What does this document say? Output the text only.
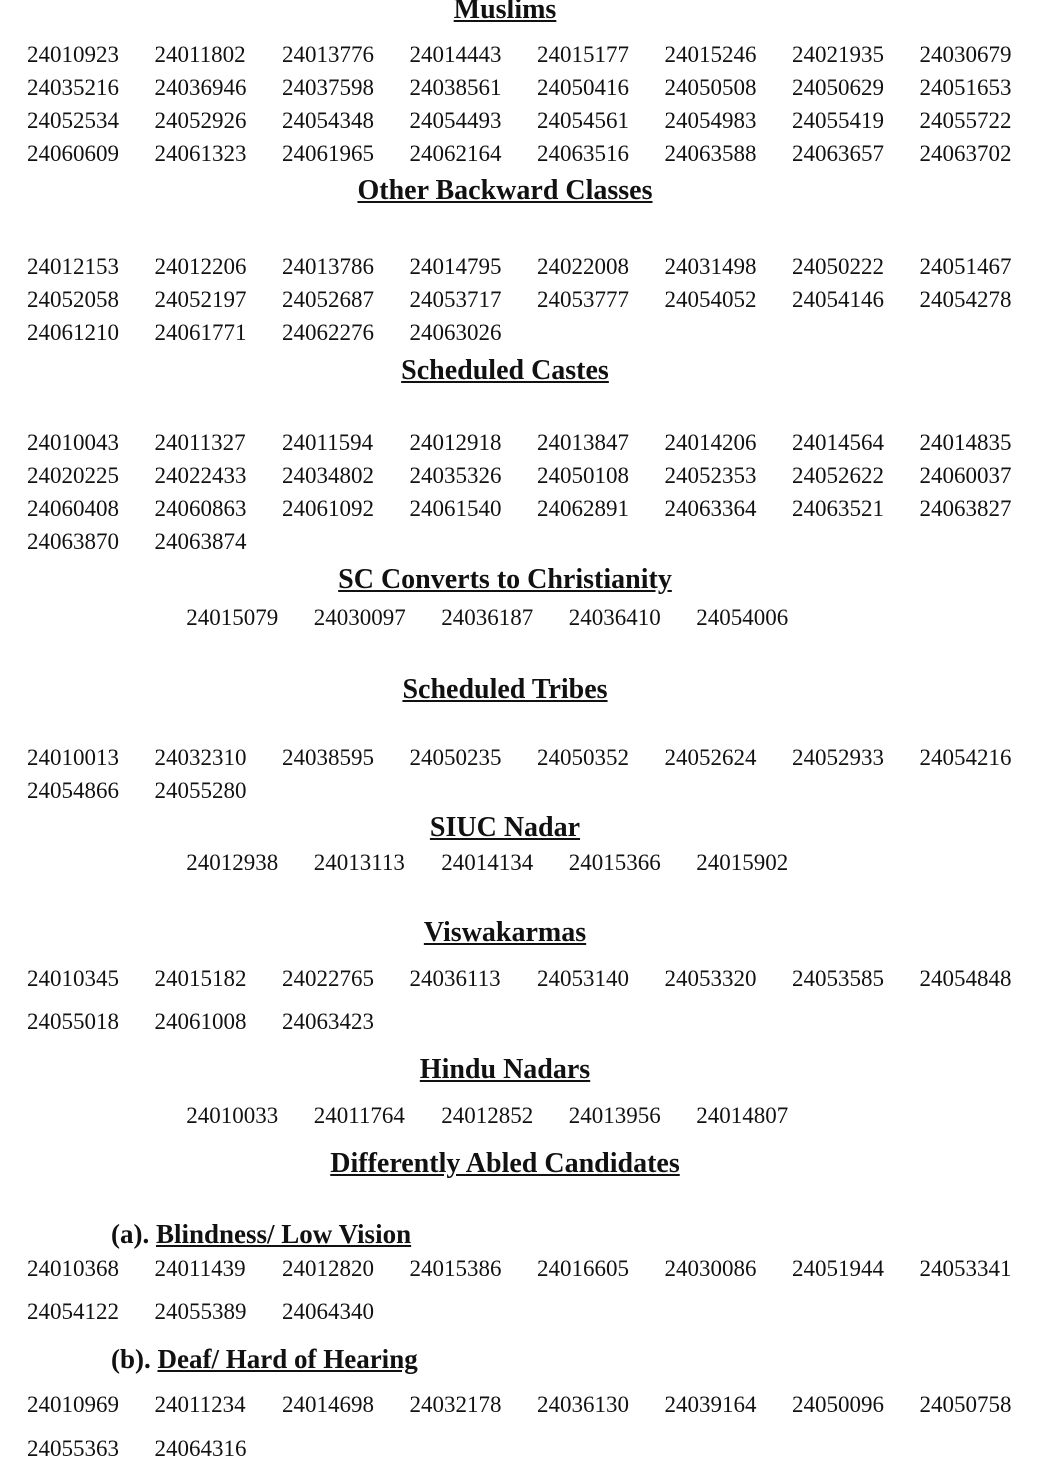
Muslims
24010923	24011802	24013776	24014443	24015177	24015246	24021935	24030679
24035216	24036946	24037598	24038561	24050416	24050508	24050629	24051653
24052534	24052926	24054348	24054493	24054561	24054983	24055419	24055722
24060609	24061323	24061965	24062164	24063516	24063588	24063657	24063702
Other Backward Classes
24012153	24012206	24013786	24014795	24022008	24031498	24050222	24051467
24052058	24052197	24052687	24053717	24053777	24054052	24054146	24054278
24061210	24061771	24062276	24063026
Scheduled Castes
24010043	24011327	24011594	24012918	24013847	24014206	24014564	24014835
24020225	24022433	24034802	24035326	24050108	24052353	24052622	24060037
24060408	24060863	24061092	24061540	24062891	24063364	24063521	24063827
24063870	24063874
SC Converts to Christianity
24015079	24030097	24036187	24036410	24054006
Scheduled Tribes
24010013	24032310	24038595	24050235	24050352	24052624	24052933	24054216
24054866	24055280
SIUC Nadar
24012938	24013113	24014134	24015366	24015902
Viswakarmas
24010345	24015182	24022765	24036113	24053140	24053320	24053585	24054848
24055018	24061008	24063423
Hindu Nadars
24010033	24011764	24012852	24013956	24014807
Differently Abled Candidates
(a). Blindness/ Low Vision
24010368	24011439	24012820	24015386	24016605	24030086	24051944	24053341
24054122	24055389	24064340
(b). Deaf/ Hard of Hearing
24010969	24011234	24014698	24032178	24036130	24039164	24050096	24050758
24055363	24064316
